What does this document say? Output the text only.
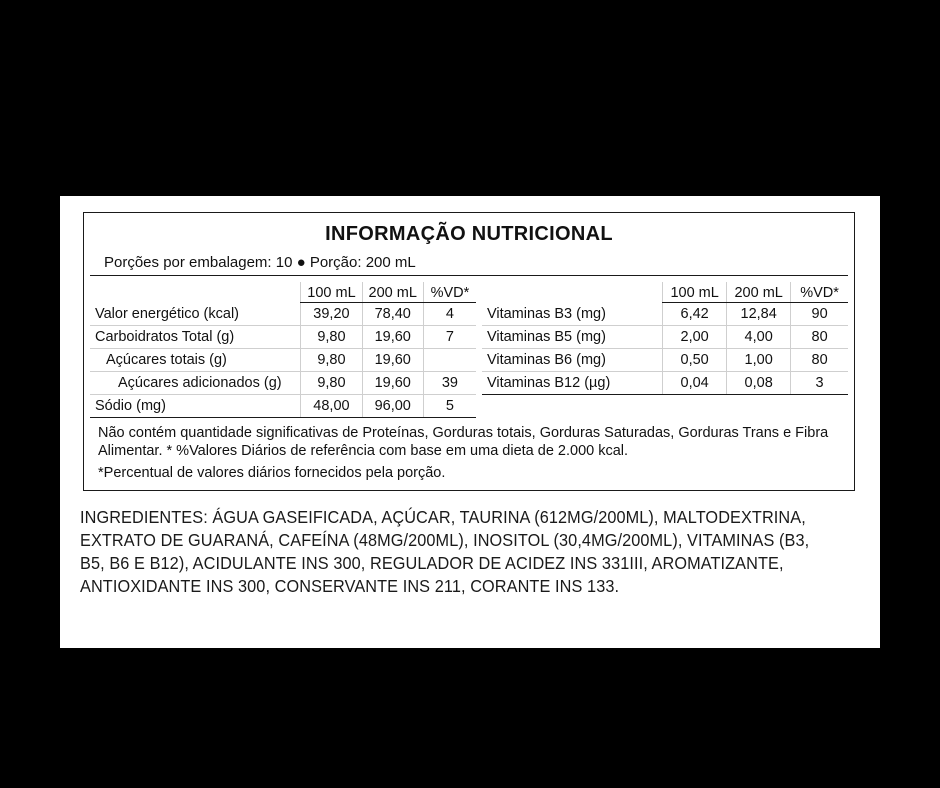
INFORMAÇÃO NUTRICIONAL
Porções por embalagem: 10 ● Porção: 200 mL
	100 mL	200 mL	%VD*
Valor energético (kcal)	39,20	78,40	4
Carboidratos Total (g)	9,80	19,60	7
Açúcares totais (g)	9,80	19,60	
Açúcares adicionados (g)	9,80	19,60	39
Sódio (mg)	48,00	96,00	5
	100 mL	200 mL	%VD*
Vitaminas B3 (mg)	6,42	12,84	90
Vitaminas B5 (mg)	2,00	4,00	80
Vitaminas B6 (mg)	0,50	1,00	80
Vitaminas B12 (µg)	0,04	0,08	3
Não contém quantidade significativas de Proteínas, Gorduras totais, Gorduras Saturadas, Gorduras Trans e Fibra Alimentar. * %Valores Diários de referência com base em uma dieta de 2.000 kcal.
*Percentual de valores diários fornecidos pela porção.
INGREDIENTES: ÁGUA GASEIFICADA, AÇÚCAR, TAURINA (612MG/200ML), MALTODEXTRINA, EXTRATO DE GUARANÁ, CAFEÍNA (48MG/200ML), INOSITOL (30,4MG/200ML), VITAMINAS (B3, B5, B6 E B12), ACIDULANTE INS 300, REGULADOR DE ACIDEZ INS 331III, AROMATIZANTE, ANTIOXIDANTE INS 300, CONSERVANTE INS 211, CORANTE INS 133.
